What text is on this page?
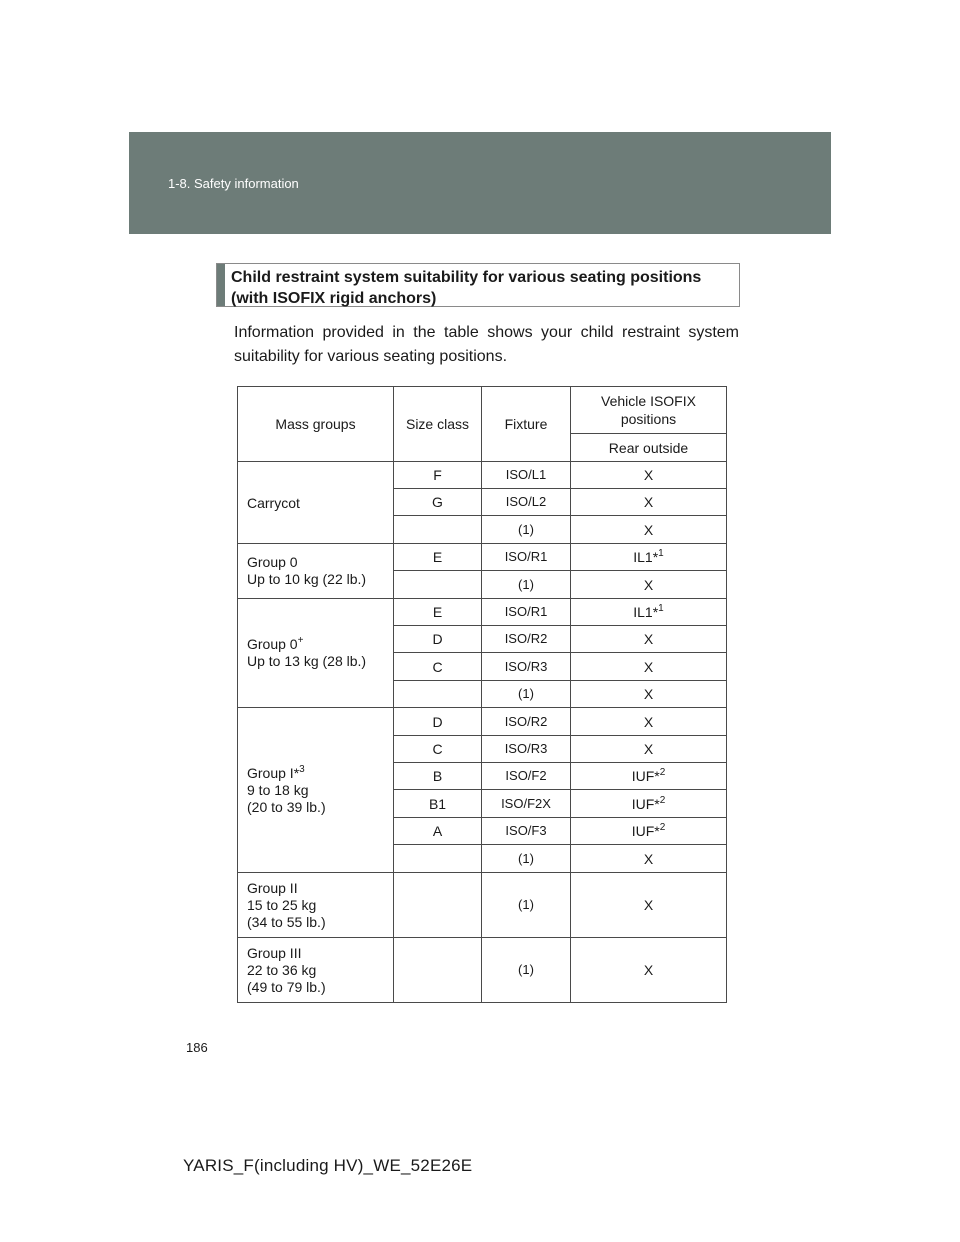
1-8. Safety information
Child restraint system suitability for various seating positions
(with ISOFIX rigid anchors)
Information provided in the table shows your child restraint system suitability for various seating positions.
Mass groups	Size class	Fixture	Vehicle ISOFIX positions
			Rear outside
Carrycot	F	ISO/L1	X
	G	ISO/L2	X
		(1)	X

Group 0
Up to 10 kg (22 lb.)	E	ISO/R1	IL1*$^1$
		(1)	X

Group 0+
Up to 13 kg (28 lb.)	E	ISO/R1	IL1*$^1$
	D	ISO/R2	X
	C	ISO/R3	X
		(1)	X

Group I*$^3$
9 to 18 kg
(20 to 39 lb.)	D	ISO/R2	X
	C	ISO/R3	X
	B	ISO/F2	IUF*$^2$
	B1	ISO/F2X	IUF*$^2$
	A	ISO/F3	IUF*$^2$
		(1)	X

Group II
15 to 25 kg
(34 to 55 lb.)		(1)	X

Group III
22 to 36 kg
(49 to 79 lb.)		(1)	X
186
YARIS_F(including HV)_WE_52E26E
